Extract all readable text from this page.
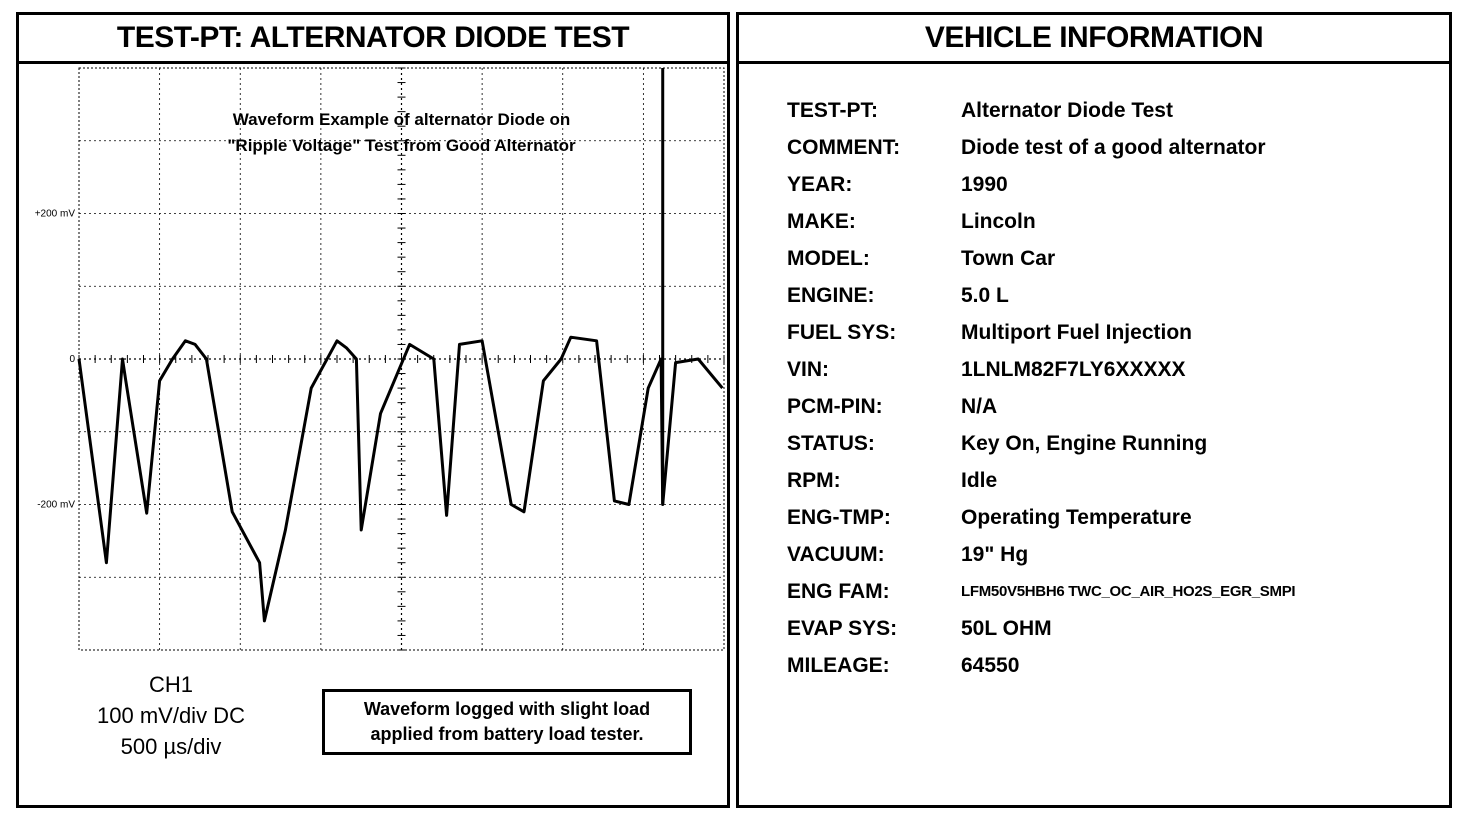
TEST-PT: ALTERNATOR DIODE TEST
+200 mV
0
-200 mV
Waveform Example of alternator Diode on
"Ripple Voltage" Test from Good Alternator
CH1
100 mV/div DC
500 µs/div
Waveform logged with slight load applied from battery load tester.
VEHICLE INFORMATION
TEST-PT:	Alternator Diode Test
COMMENT:	Diode test of a good alternator
YEAR:	1990
MAKE:	Lincoln
MODEL:	Town Car
ENGINE:	5.0 L
FUEL SYS:	Multiport Fuel Injection
VIN:	1LNLM82F7LY6XXXXX
PCM-PIN:	N/A
STATUS:	Key On, Engine Running
RPM:	Idle
ENG-TMP:	Operating Temperature
VACUUM:	19" Hg
ENG FAM:	LFM50V5HBH6 TWC_OC_AIR_HO2S_EGR_SMPI
EVAP SYS:	50L OHM
MILEAGE:	64550
